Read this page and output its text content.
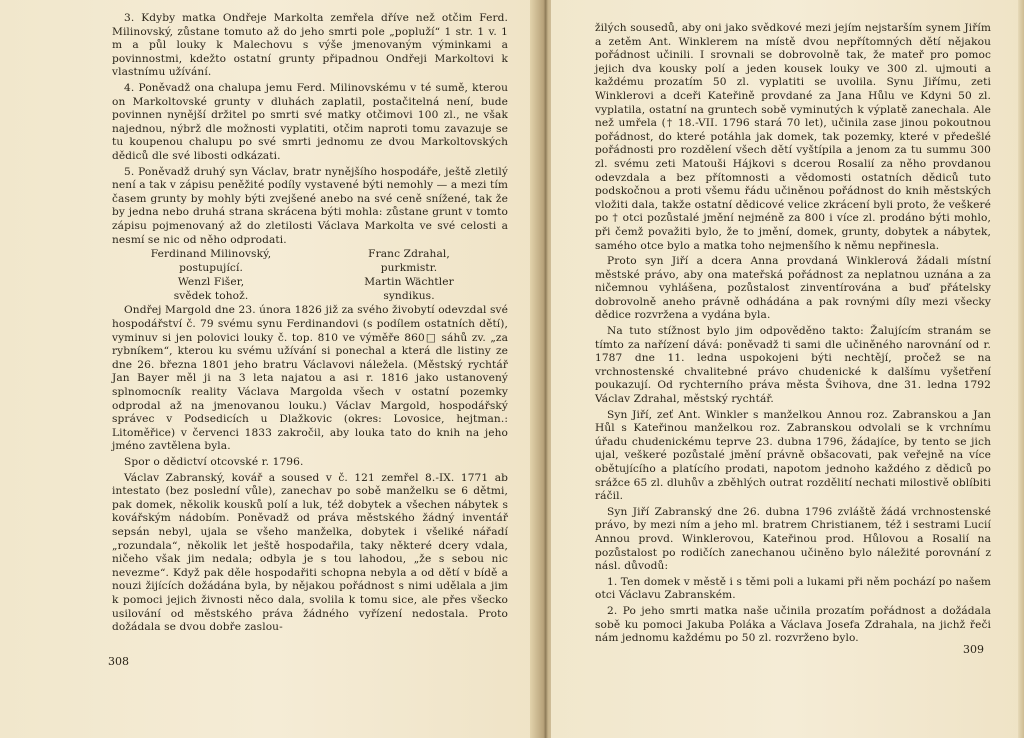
3. Kdyby matka Ondřeje Markolta zemřela dříve než otčim Ferd. Milinovský, zůstane tomuto až do jeho smrti pole „popluží“ 1 str. 1 v. 1 m a půl louky k Malechovu s výše jmenovaným výminkami a povinnostmi, kdežto ostatní grunty připadnou Ondřeji Markoltovi k vlastnímu užívání.

4. Poněvadž ona chalupa jemu Ferd. Milinovskému v té sumě, kterou on Markoltovské grunty v dluhách zaplatil, postačitelná není, bude povinnen nynější držitel po smrti své matky otčimovi 100 zl., ne však najednou, nýbrž dle možnosti vyplatiti, otčim naproti tomu zavazuje se tu koupenou chalupu po své smrti jednomu ze dvou Markoltovských dědiců dle své libosti odkázati.

5. Poněvadž druhý syn Václav, bratr nynějšího hospodáře, ještě zletilý není a tak v zápisu peněžité podíly vystavené býti nemohly — a mezi tím časem grunty by mohly býti zvejšené anebo na své ceně snížené, tak že by jedna nebo druhá strana skrácena býti mohla: zůstane grunt v tomto zápisu pojmenovaný až do zletilosti Václava Markolta ve své celosti a nesmí se nic od něho odprodati.

Ferdinand Milinovský,
postupující.
Franc Zdrahal,
purkmistr.
Wenzl Fišer,
svědek tohož.
Martin Wächtler
syndikus.

Ondřej Margold dne 23. února 1826 již za svého živobytí odevzdal své hospodářství č. 79 svému synu Ferdinandovi (s podílem ostatních dětí), vyminuv si jen polovici louky č. top. 810 ve výměře 860□ sáhů zv. „za rybníkem“, kterou ku svému užívání si ponechal a která dle listiny ze dne 26. března 1801 jeho bratru Václavovi náležela. (Městský rychtář Jan Bayer měl ji na 3 leta najatou a asi r. 1816 jako ustanovený splnomocník reality Václava Margolda všech v ostatní pozemky odprodal až na jmenovanou louku.) Václav Margold, hospodářský správec v Podsedicích u Dlažkovic (okres: Lovosice, hejtman.: Litoměřice) v červenci 1833 zakročil, aby louka tato do knih na jeho jméno zavtělena byla.

Spor o dědictví otcovské r. 1796.

Václav Zabranský, kovář a soused v č. 121 zemřel 8.-IX. 1771 ab intestato (bez poslední vůle), zanechav po sobě manželku se 6 dětmi, pak domek, několik kousků polí a luk, též dobytek a všechen nábytek s kovářským nádobím. Poněvadž od práva městského žádný inventář sepsán nebyl, ujala se všeho manželka, dobytek i všeliké nářadí „rozundala“, několik let ještě hospodařila, taky některé dcery vdala, ničeho však jim nedala; odbyla je s tou lahodou, „že s sebou nic nevezme“. Když pak děle hospodařiti schopna nebyla a od dětí v bídě a nouzi žijících dožádána byla, by nějakou pořádnost s nimi udělala a jim k pomoci jejich živnosti něco dala, svolila k tomu sice, ale přes všecko usilování od městského práva žádného vyřízení nedostala. Proto dožádala se dvou dobře zaslou-

308

žilých sousedů, aby oni jako svědkové mezi jejím nejstarším synem Jiřím a zetěm Ant. Winklerem na místě dvou nepřítomných dětí nějakou pořádnost učinili. I srovnali se dobrovolně tak, že mateř pro pomoc jejich dva kousky polí a jeden kousek louky ve 300 zl. ujmouti a každému prozatím 50 zl. vyplatiti se uvolila. Synu Jiřímu, zeti Winklerovi a dceři Kateřině provdané za Jana Hůlu ve Kdyni 50 zl. vyplatila, ostatní na gruntech sobě vyminutých k výplatě zanechala. Ale než umřela († 18.-VII. 1796 stará 70 let), učinila zase jinou pokoutnou pořádnost, do které potáhla jak domek, tak pozemky, které v předešlé pořádnosti pro rozdělení všech dětí vyštípila a jenom za tu summu 300 zl. svému zeti Matouši Hájkovi s dcerou Rosalií za něho provdanou odevzdala a bez přítomnosti a vědomosti ostatních dědiců tuto podskočnou a proti všemu řádu učiněnou pořádnost do knih městských vložiti dala, takže ostatní dědicové velice zkrácení byli proto, že veškeré po † otci pozůstalé jmění nejméně za 800 i více zl. prodáno býti mohlo, při čemž považiti bylo, že to jmění, domek, grunty, dobytek a nábytek, samého otce bylo a matka toho nejmenšího k němu nepřinesla.

Proto syn Jiří a dcera Anna provdaná Winklerová žádali místní městské právo, aby ona mateřská pořádnost za neplatnou uznána a za ničemnou vyhlášena, pozůstalost zinventírována a buď přátelsky dobrovolně aneho právně odhádána a pak rovnými díly mezi všecky dědice rozvržena a vydána byla.

Na tuto stížnost bylo jim odpověděno takto: Žalujícím stranám se tímto za nařízení dává: poněvadž ti sami dle učiněného narovnání od r. 1787 dne 11. ledna uspokojeni býti nechtějí, pročež se na vrchnostenské chvalitebné právo chudenické k dalšímu vyšetření poukazují. Od rychterního práva města Švihova, dne 31. ledna 1792 Václav Zdrahal, městský rychtář.

Syn Jiří, zeť Ant. Winkler s manželkou Annou roz. Zabranskou a Jan Hůl s Kateřinou manželkou roz. Zabranskou odvolali se k vrchnímu úřadu chudenickému teprve 23. dubna 1796, žádajíce, by tento se jich ujal, veškeré pozůstalé jmění právně obšacovati, pak veřejně na více obětujícího a platícího prodati, napotom jednoho každého z dědiců po srážce 65 zl. dluhův a zběhlých outrat rozdělití nechati milostivě oblíbiti ráčil.

Syn Jiří Zabranský dne 26. dubna 1796 zvláště žádá vrchnostenské právo, by mezi ním a jeho ml. bratrem Christianem, též i sestrami Lucií Annou provd. Winklerovou, Kateřinou prod. Hůlovou a Rosalií na pozůstalost po rodičích zanechanou učiněno bylo náležité porovnání z násl. důvodů:

1. Ten domek v městě i s těmi poli a lukami při něm pochází po našem otci Václavu Zabranském.

2. Po jeho smrti matka naše učinila prozatím pořádnost a dožádala sobě ku pomoci Jakuba Poláka a Václava Josefa Zdrahala, na jichž řeči nám jednomu každému po 50 zl. rozvrženo bylo.

309
